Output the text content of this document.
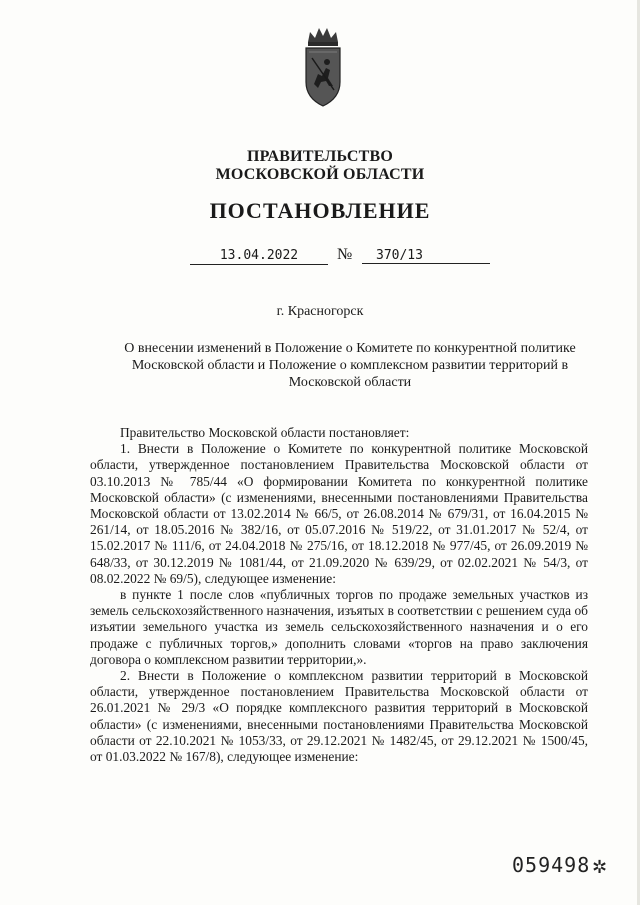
ПРАВИТЕЛЬСТВО
МОСКОВСКОЙ ОБЛАСТИ
ПОСТАНОВЛЕНИЕ
13.04.2022	№	370/13
г. Красногорск
О внесении изменений в Положение о Комитете по конкурентной политике Московской области и Положение о комплексном развитии территорий в Московской области

Правительство Московской области постановляет:

1. Внести в Положение о Комитете по конкурентной политике Московской области, утвержденное постановлением Правительства Московской области от 03.10.2013 № 785/44 «О формировании Комитета по конкурентной политике Московской области» (с изменениями, внесенными постановлениями Правительства Московской области от 13.02.2014 № 66/5, от 26.08.2014 № 679/31, от 16.04.2015 № 261/14, от 18.05.2016 № 382/16, от 05.07.2016 № 519/22, от 31.01.2017 № 52/4, от 15.02.2017 № 111/6, от 24.04.2018 № 275/16, от 18.12.2018 № 977/45, от 26.09.2019 № 648/33, от 30.12.2019 № 1081/44, от 21.09.2020 № 639/29, от 02.02.2021 № 54/3, от 08.02.2022 № 69/5), следующее изменение:

в пункте 1 после слов «публичных торгов по продаже земельных участков из земель сельскохозяйственного назначения, изъятых в соответствии с решением суда об изъятии земельного участка из земель сельскохозяйственного назначения и о его продаже с публичных торгов,» дополнить словами «торгов на право заключения договора о комплексном развитии территории,».

2. Внести в Положение о комплексном развитии территорий в Московской области, утвержденное постановлением Правительства Московской области от 26.01.2021 № 29/3 «О порядке комплексного развития территорий в Московской области» (с изменениями, внесенными постановлениями Правительства Московской области от 22.10.2021 № 1053/33, от 29.12.2021 № 1482/45, от 29.12.2021 № 1500/45, от 01.03.2022 № 167/8), следующее изменение:

059498 ✲
